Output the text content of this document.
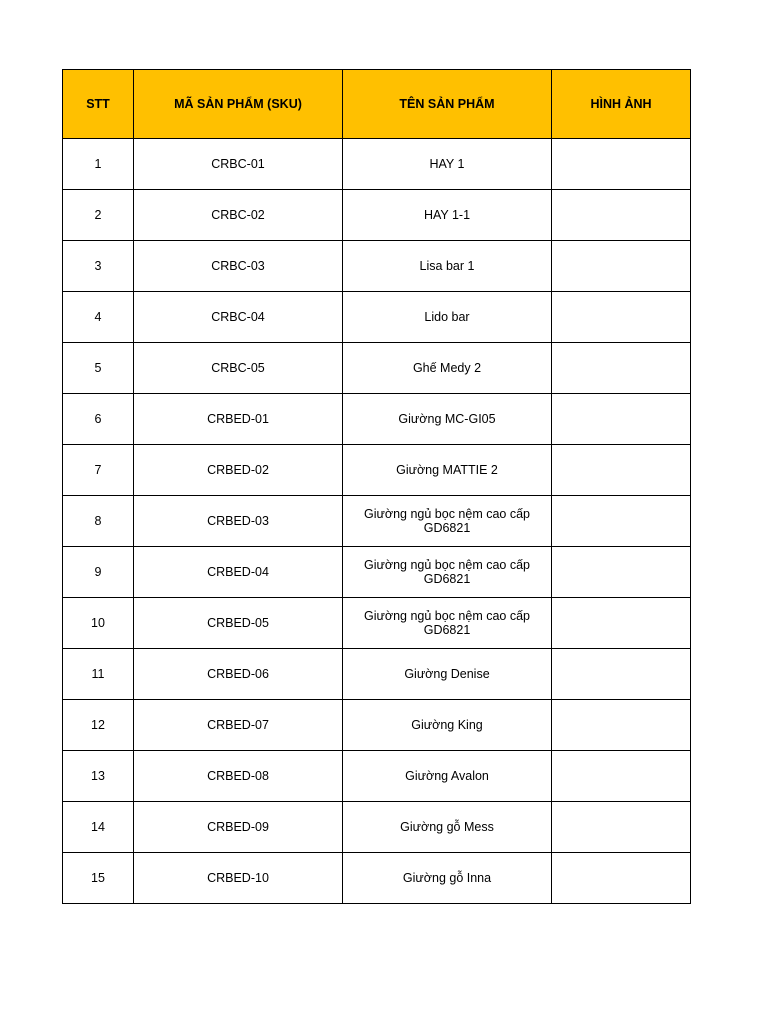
STT	MÃ SẢN PHẨM (SKU)	TÊN SẢN PHẨM	HÌNH ẢNH
1	CRBC-01	HAY 1	
2	CRBC-02	HAY 1-1	
3	CRBC-03	Lisa bar 1	
4	CRBC-04	Lido bar	
5	CRBC-05	Ghế Medy 2	
6	CRBED-01	Giường MC-GI05	
7	CRBED-02	Giường MATTIE 2	
8	CRBED-03	Giường ngủ bọc nệm cao cấp GD6821	
9	CRBED-04	Giường ngủ bọc nệm cao cấp GD6821	
10	CRBED-05	Giường ngủ bọc nệm cao cấp GD6821	
11	CRBED-06	Giường Denise	
12	CRBED-07	Giường King	
13	CRBED-08	Giường Avalon	
14	CRBED-09	Giường gỗ Mess	
15	CRBED-10	Giường gỗ Inna	
